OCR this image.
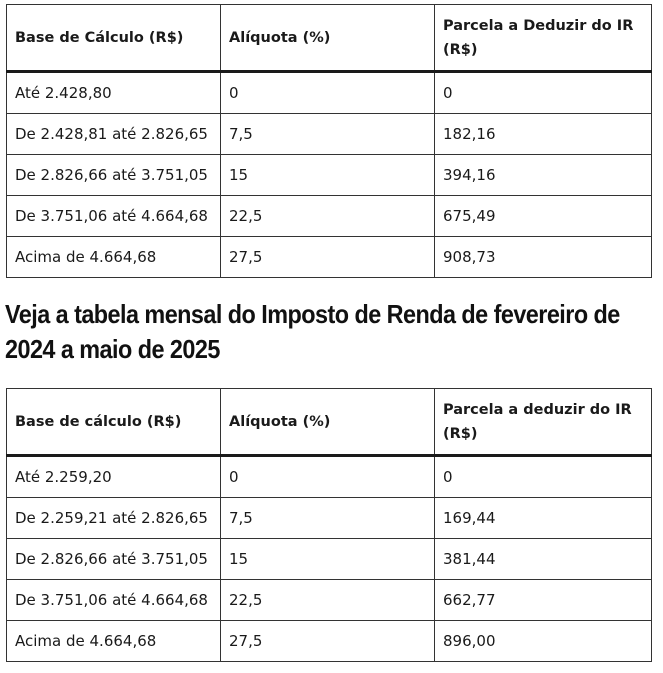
Base de Cálculo (R$)	Alíquota (%)	Parcela a Deduzir do IR (R$)
Até 2.428,80	0	0
De 2.428,81 até 2.826,65	7,5	182,16
De 2.826,66 até 3.751,05	15	394,16
De 3.751,06 até 4.664,68	22,5	675,49
Acima de 4.664,68	27,5	908,73
Veja a tabela mensal do Imposto de Renda de fevereiro de 2024 a maio de 2025
Base de cálculo (R$)	Alíquota (%)	Parcela a deduzir do IR (R$)
Até 2.259,20	0	0
De 2.259,21 até 2.826,65	7,5	169,44
De 2.826,66 até 3.751,05	15	381,44
De 3.751,06 até 4.664,68	22,5	662,77
Acima de 4.664,68	27,5	896,00
